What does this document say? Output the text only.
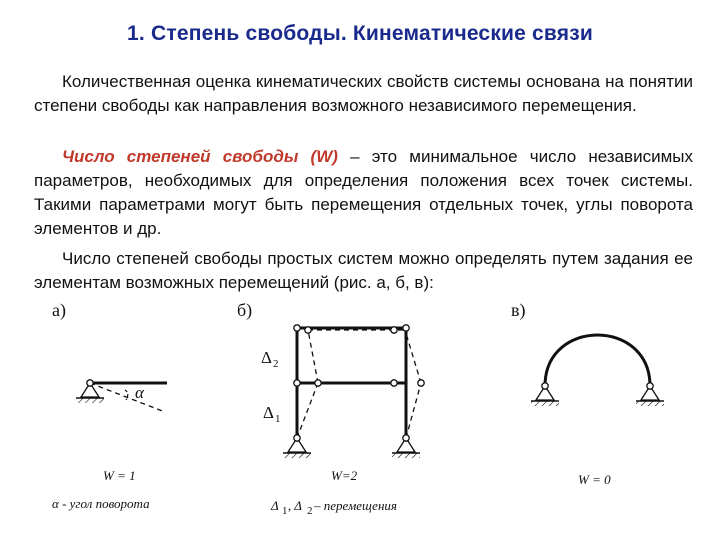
1. Степень свободы. Кинематические связи

Количественная оценка кинематических свойств системы основана на понятии степени свободы как направления возможного независимого перемещения.

Число степеней свободы (W) – это минимальное число независимых параметров, необходимых для определения положения всех точек системы. Такими параметрами могут быть перемещения отдельных точек, углы поворота элементов и др.

Число степеней свободы простых систем можно определять путем задания ее элементам возможных перемещений (рис. а, б, в):

а)
α
W = 1
α - угол поворота
б)
Δ 2
Δ 1
W=2
Δ 1 , Δ 2 – перемещения
в)
W = 0
